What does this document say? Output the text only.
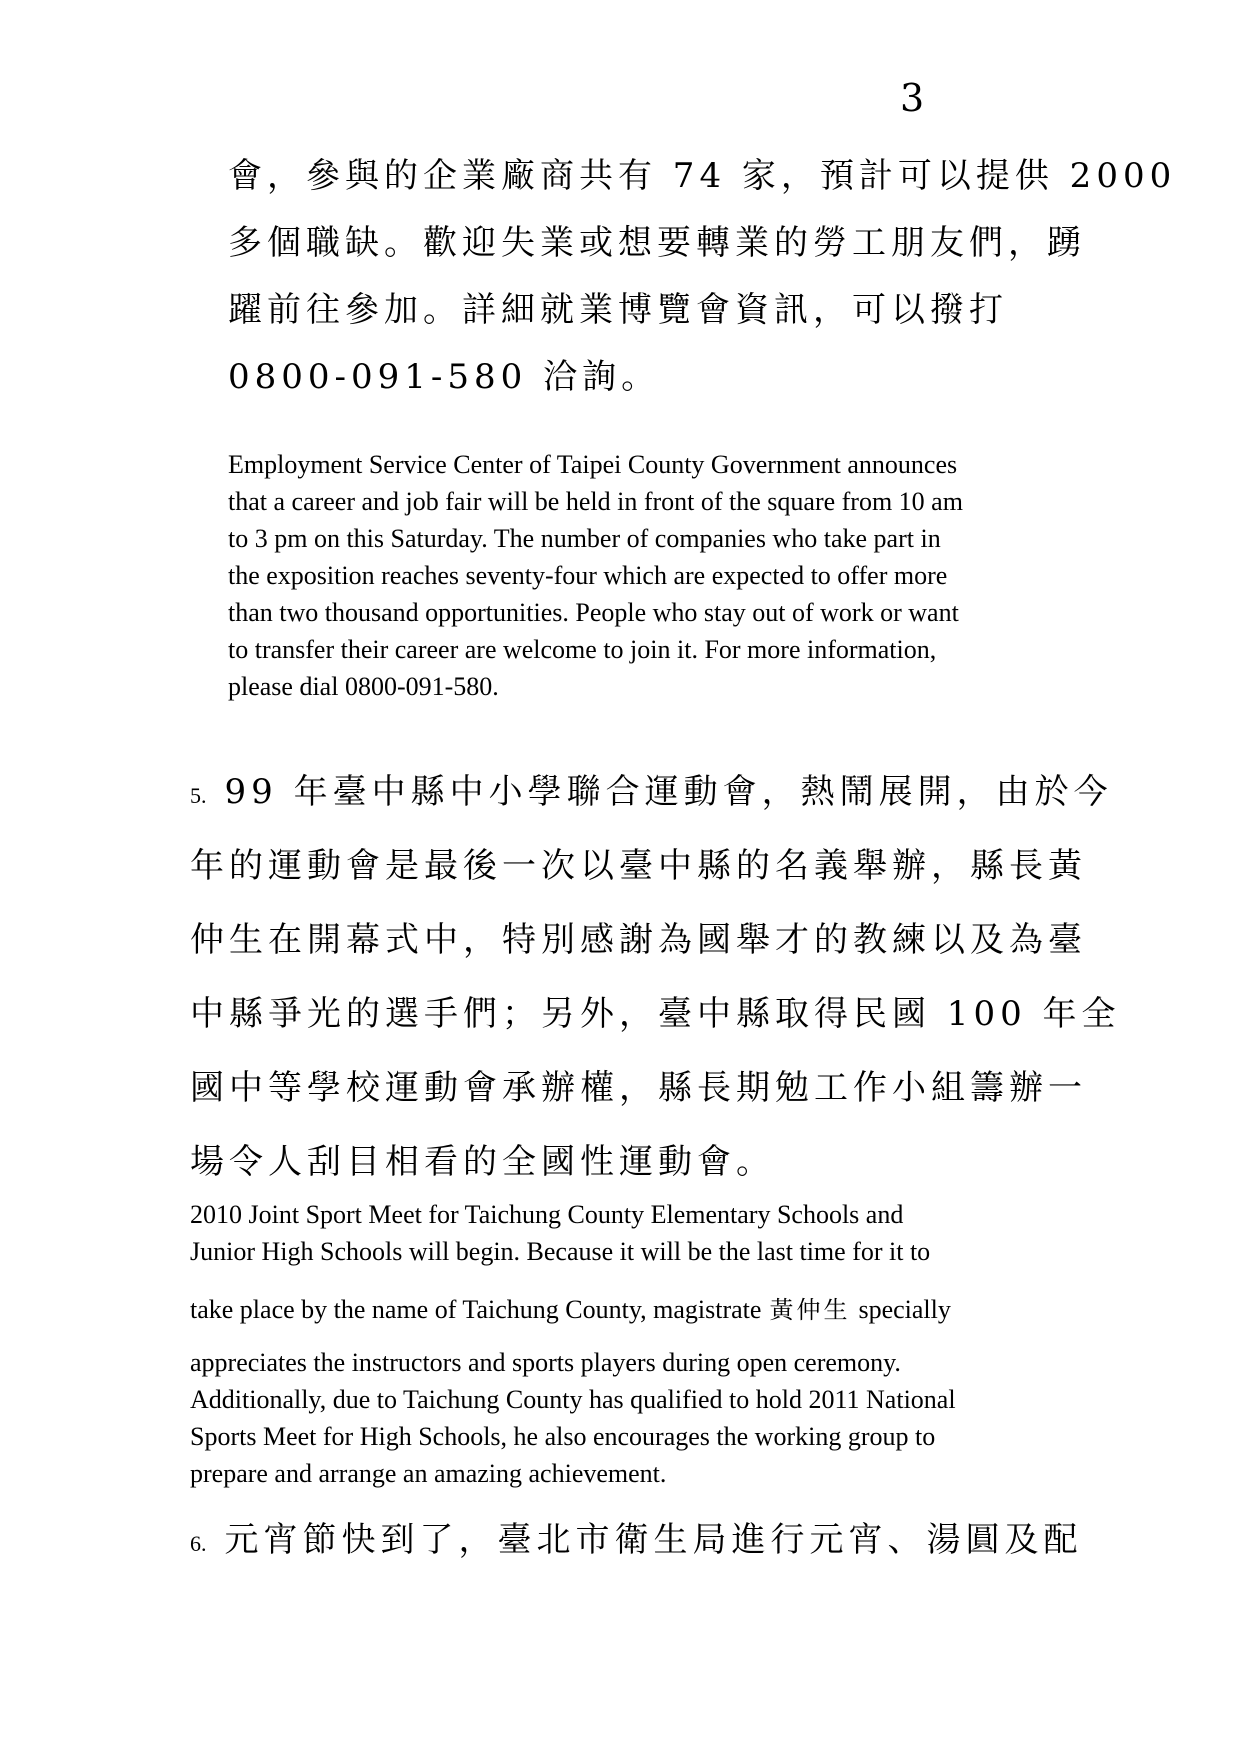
3
會，參與的企業廠商共有 74 家，預計可以提供 2000
多個職缺。歡迎失業或想要轉業的勞工朋友們，踴
躍前往參加。詳細就業博覽會資訊，可以撥打
0800-091-580 洽詢。
Employment Service Center of Taipei County Government announces
that a career and job fair will be held in front of the square from 10 am
to 3 pm on this Saturday. The number of companies who take part in
the exposition reaches seventy-four which are expected to offer more
than two thousand opportunities. People who stay out of work or want
to transfer their career are welcome to join it. For more information,
please dial 0800-091-580.
5. 99 年臺中縣中小學聯合運動會，熱鬧展開，由於今
年的運動會是最後一次以臺中縣的名義舉辦，縣長黃
仲生在開幕式中，特別感謝為國舉才的教練以及為臺
中縣爭光的選手們；另外，臺中縣取得民國 100 年全
國中等學校運動會承辦權，縣長期勉工作小組籌辦一
場令人刮目相看的全國性運動會。
2010 Joint Sport Meet for Taichung County Elementary Schools and
Junior High Schools will begin. Because it will be the last time for it to
take place by the name of Taichung County, magistrate 黃仲生 specially
appreciates the instructors and sports players during open ceremony.
Additionally, due to Taichung County has qualified to hold 2011 National
Sports Meet for High Schools, he also encourages the working group to
prepare and arrange an amazing achievement.
6. 元宵節快到了，臺北市衛生局進行元宵、湯圓及配
